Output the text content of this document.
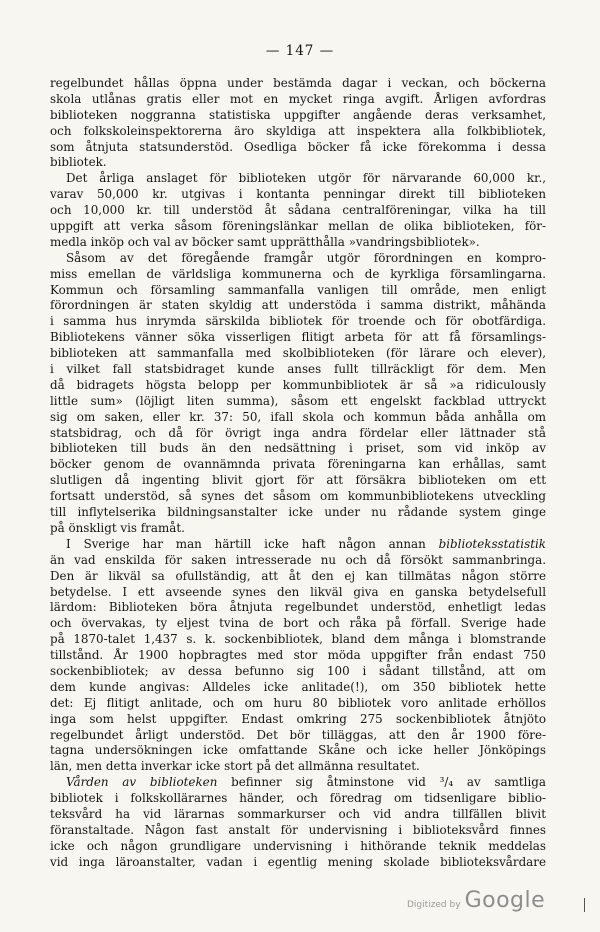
— 147 —
regelbundet hållas öppna under bestämda dagar i veckan, och böckerna
skola utlånas gratis eller mot en mycket ringa avgift. Årligen avfordras
biblioteken noggranna statistiska uppgifter angående deras verksamhet,
och folkskoleinspektorerna äro skyldiga att inspektera alla folkbibliotek,
som åtnjuta statsunderstöd. Osedliga böcker få icke förekomma i dessa
bibliotek.
Det årliga anslaget för biblioteken utgör för närvarande 60,000 kr.,
varav 50,000 kr. utgivas i kontanta penningar direkt till biblioteken
och 10,000 kr. till understöd åt sådana centralföreningar, vilka ha till
uppgift att verka såsom föreningslänkar mellan de olika biblioteken, för-
medla inköp och val av böcker samt upprätthålla »vandringsbibliotek».
Såsom av det föregående framgår utgör förordningen en kompro-
miss emellan de världsliga kommunerna och de kyrkliga församlingarna.
Kommun och församling sammanfalla vanligen till område, men enligt
förordningen är staten skyldig att understöda i samma distrikt, måhända
i samma hus inrymda särskilda bibliotek för troende och för obotfärdiga.
Bibliotekens vänner söka visserligen flitigt arbeta för att få församlings-
biblioteken att sammanfalla med skolbiblioteken (för lärare och elever),
i vilket fall statsbidraget kunde anses fullt tillräckligt för dem. Men
då bidragets högsta belopp per kommunbibliotek är så »a ridiculously
little sum» (löjligt liten summa), såsom ett engelskt fackblad uttryckt
sig om saken, eller kr. 37: 50, ifall skola och kommun båda anhålla om
statsbidrag, och då för övrigt inga andra fördelar eller lättnader stå
biblioteken till buds än den nedsättning i priset, som vid inköp av
böcker genom de ovannämnda privata föreningarna kan erhållas, samt
slutligen då ingenting blivit gjort för att försäkra biblioteken om ett
fortsatt understöd, så synes det såsom om kommunbibliotekens utveckling
till inflytelserika bildningsanstalter icke under nu rådande system ginge
på önskligt vis framåt.
I Sverige har man härtill icke haft någon annan biblioteksstatistik
än vad enskilda för saken intresserade nu och då försökt sammanbringa.
Den är likväl sa ofullständig, att åt den ej kan tillmätas någon större
betydelse. I ett avseende synes den likväl giva en ganska betydelsefull
lärdom: Biblioteken böra åtnjuta regelbundet understöd, enhetligt ledas
och övervakas, ty eljest tvina de bort och råka på förfall. Sverige hade
på 1870-talet 1,437 s. k. sockenbibliotek, bland dem många i blomstrande
tillstånd. År 1900 hopbragtes med stor möda uppgifter från endast 750
sockenbibliotek; av dessa befunno sig 100 i sådant tillstånd, att om
dem kunde angivas: Alldeles icke anlitade(!), om 350 bibliotek hette
det: Ej flitigt anlitade, och om huru 80 bibliotek voro anlitade erhöllos
inga som helst uppgifter. Endast omkring 275 sockenbibliotek åtnjöto
regelbundet årligt understöd. Det bör tilläggas, att den år 1900 före-
tagna undersökningen icke omfattande Skåne och icke heller Jönköpings
län, men detta inverkar icke stort på det allmänna resultatet.
Vården av biblioteken befinner sig åtminstone vid ³/₄ av samtliga
bibliotek i folkskollärarnes händer, och föredrag om tidsenligare biblio-
teksvård ha vid lärarnas sommarkurser och vid andra tillfällen blivit
föranstaltade. Någon fast anstalt för undervisning i biblioteksvård finnes
icke och någon grundligare undervisning i hithörande teknik meddelas
vid inga läroanstalter, vadan i egentlig mening skolade biblioteksvårdare
Digitized by Google
